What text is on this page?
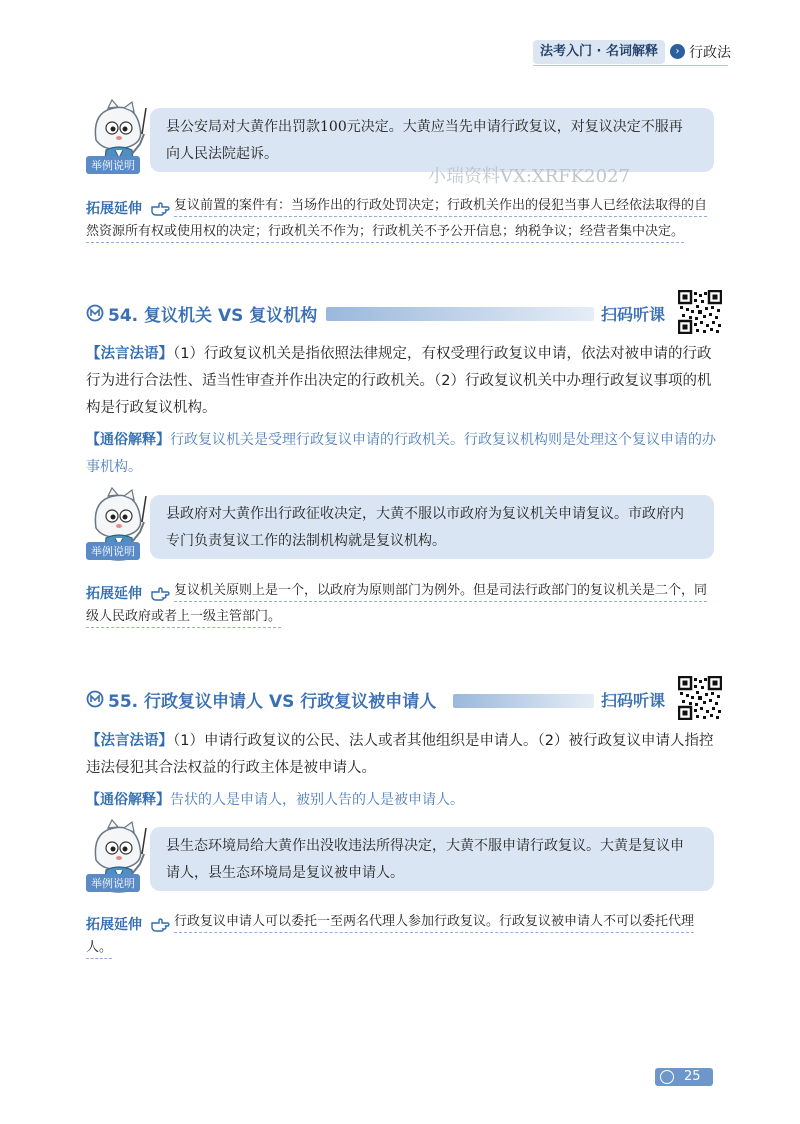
法考入门 · 名词解释	› 行政法
县公安局对大黄作出罚款100元决定。大黄应当先申请行政复议，对复议决定不服再向人民法院起诉。
举例说明
小瑞资料VX:XRFK2027
拓展延伸	复议前置的案件有：当场作出的行政处罚决定；行政机关作出的侵犯当事人已经依法取得的自然资源所有权或使用权的决定；行政机关不作为；行政机关不予公开信息；纳税争议；经营者集中决定。
54. 复议机关 VS 复议机构	扫码听课
【法言法语】（1）行政复议机关是指依照法律规定，有权受理行政复议申请，依法对被申请的行政行为进行合法性、适当性审查并作出决定的行政机关。（2）行政复议机关中办理行政复议事项的机构是行政复议机构。
【通俗解释】行政复议机关是受理行政复议申请的行政机关。行政复议机构则是处理这个复议申请的办事机构。
县政府对大黄作出行政征收决定，大黄不服以市政府为复议机关申请复议。市政府内专门负责复议工作的法制机构就是复议机构。
举例说明
拓展延伸	复议机关原则上是一个，以政府为原则部门为例外。但是司法行政部门的复议机关是二个，同级人民政府或者上一级主管部门。
55. 行政复议申请人 VS 行政复议被申请人	扫码听课
【法言法语】（1）申请行政复议的公民、法人或者其他组织是申请人。（2）被行政复议申请人指控违法侵犯其合法权益的行政主体是被申请人。
【通俗解释】告状的人是申请人，被别人告的人是被申请人。
县生态环境局给大黄作出没收违法所得决定，大黄不服申请行政复议。大黄是复议申请人，县生态环境局是复议被申请人。
举例说明
拓展延伸	行政复议申请人可以委托一至两名代理人参加行政复议。行政复议被申请人不可以委托代理人。
25
